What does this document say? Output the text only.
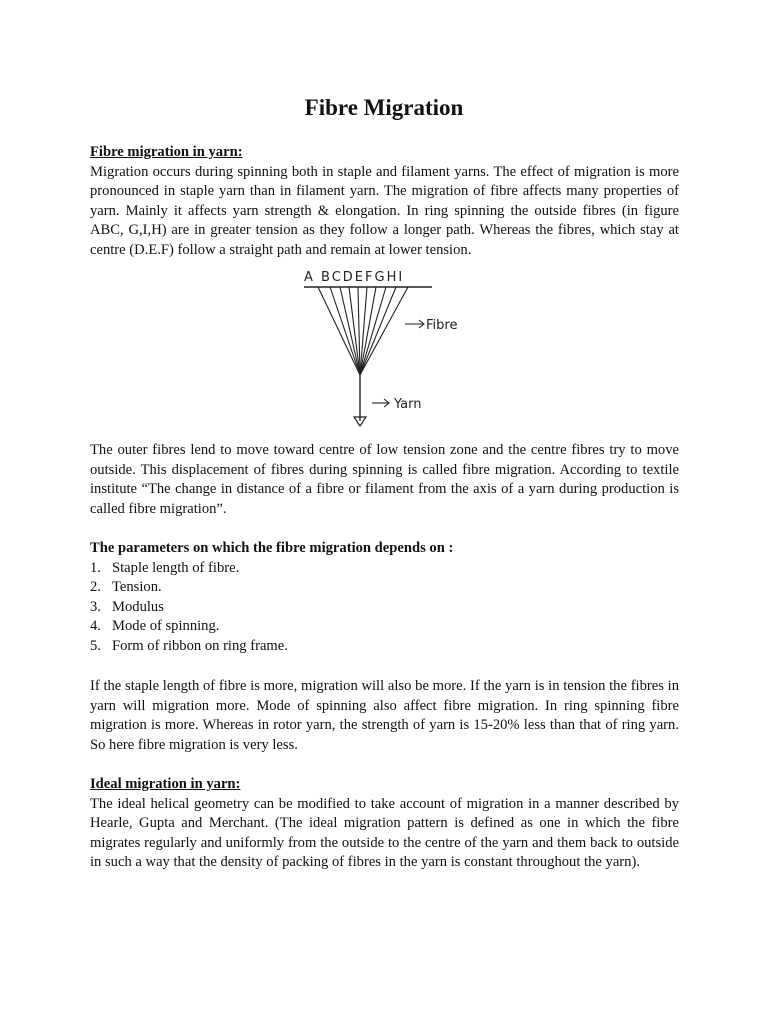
Fibre Migration
Fibre migration in yarn:
Migration occurs during spinning both in staple and filament yarns. The effect of migration is more pronounced in staple yarn than in filament yarn. The migration of fibre affects many properties of yarn. Mainly it affects yarn strength & elongation. In ring spinning the outside fibres (in figure ABC, G,I,H) are in greater tension as they follow a longer path. Whereas the fibres, which stay at centre (D.E.F) follow a straight path and remain at lower tension.
A BCDEFGHI
Fibre
Yarn
The outer fibres lend to move toward centre of low tension zone and the centre fibres try to move outside. This displacement of fibres during spinning is called fibre migration. According to textile institute “The change in distance of a fibre or filament from the axis of a yarn during production is called fibre migration”.
The parameters on which the fibre migration depends on :
1. Staple length of fibre.
2. Tension.
3. Modulus
4. Mode of spinning.
5. Form of ribbon on ring frame.
If the staple length of fibre is more, migration will also be more. If the yarn is in tension the fibres in yarn will migration more. Mode of spinning also affect fibre migration. In ring spinning fibre migration is more. Whereas in rotor yarn, the strength of yarn is 15-20% less than that of ring yarn. So here fibre migration is very less.
Ideal migration in yarn:
The ideal helical geometry can be modified to take account of migration in a manner described by Hearle, Gupta and Merchant. (The ideal migration pattern is defined as one in which the fibre migrates regularly and uniformly from the outside to the centre of the yarn and them back to outside in such a way that the density of packing of fibres in the yarn is constant throughout the yarn).
